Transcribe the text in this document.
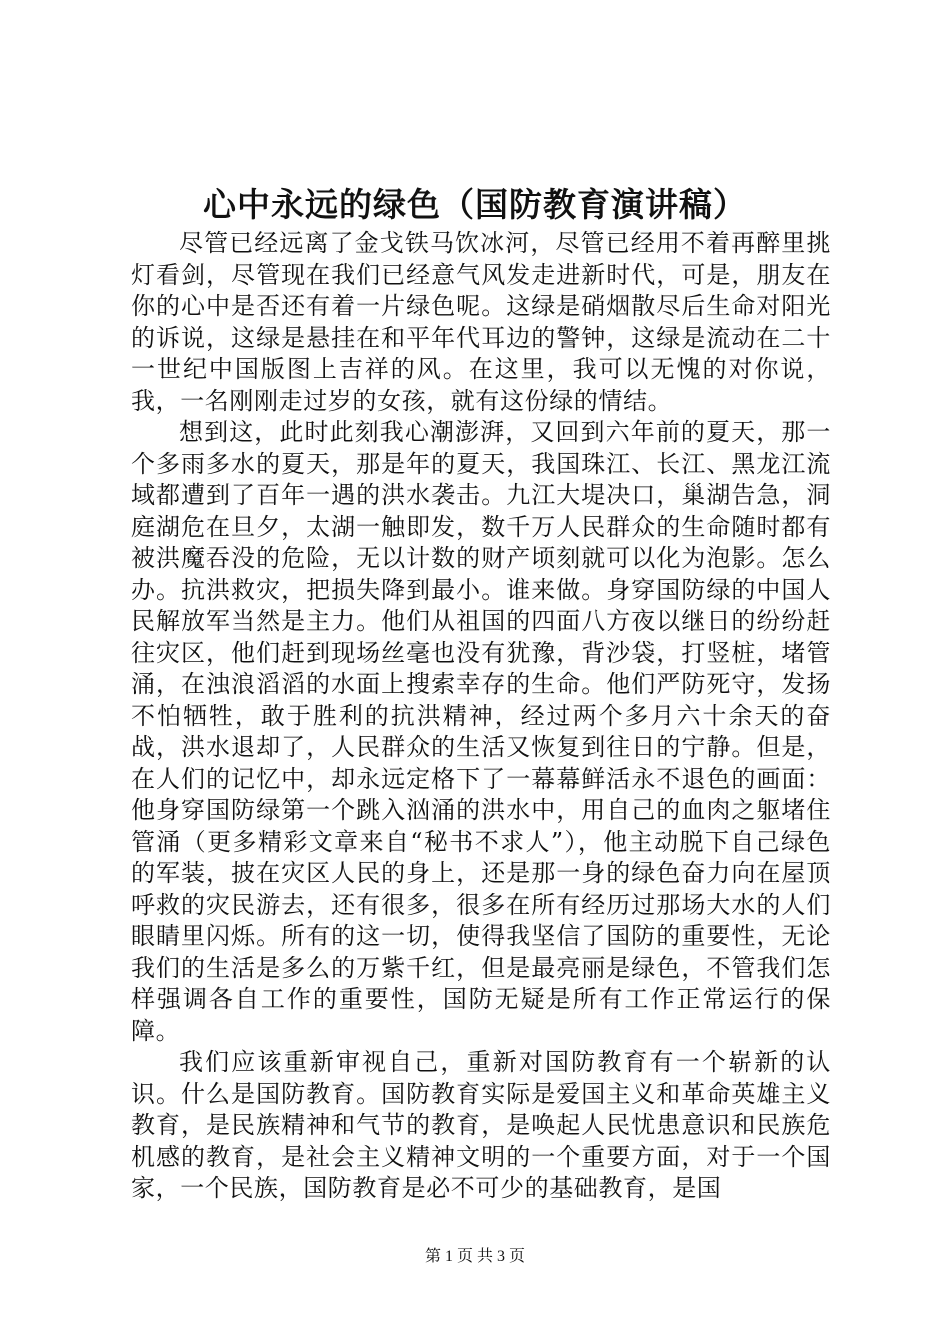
心中永远的绿色（国防教育演讲稿）

尽管已经远离了金戈铁马饮冰河，尽管已经用不着再醉里挑灯看剑，尽管现在我们已经意气风发走进新时代，可是，朋友在你的心中是否还有着一片绿色呢。这绿是硝烟散尽后生命对阳光的诉说，这绿是悬挂在和平年代耳边的警钟，这绿是流动在二十一世纪中国版图上吉祥的风。在这里，我可以无愧的对你说，我，一名刚刚走过岁的女孩，就有这份绿的情结。

想到这，此时此刻我心潮澎湃，又回到六年前的夏天，那一个多雨多水的夏天，那是年的夏天，我国珠江、长江、黑龙江流域都遭到了百年一遇的洪水袭击。九江大堤决口，巢湖告急，洞庭湖危在旦夕，太湖一触即发，数千万人民群众的生命随时都有被洪魔吞没的危险，无以计数的财产顷刻就可以化为泡影。怎么办。抗洪救灾，把损失降到最小。谁来做。身穿国防绿的中国人民解放军当然是主力。他们从祖国的四面八方夜以继日的纷纷赶往灾区，他们赶到现场丝毫也没有犹豫，背沙袋，打竖桩，堵管涌，在浊浪滔滔的水面上搜索幸存的生命。他们严防死守，发扬不怕牺牲，敢于胜利的抗洪精神，经过两个多月六十余天的奋战，洪水退却了，人民群众的生活又恢复到往日的宁静。但是，在人们的记忆中，却永远定格下了一幕幕鲜活永不退色的画面：他身穿国防绿第一个跳入汹涌的洪水中，用自己的血肉之躯堵住管涌（更多精彩文章来自“秘书不求人”），他主动脱下自己绿色的军装，披在灾区人民的身上，还是那一身的绿色奋力向在屋顶呼救的灾民游去，还有很多，很多在所有经历过那场大水的人们眼睛里闪烁。所有的这一切，使得我坚信了国防的重要性，无论我们的生活是多么的万紫千红，但是最亮丽是绿色，不管我们怎样强调各自工作的重要性，国防无疑是所有工作正常运行的保障。

我们应该重新审视自己，重新对国防教育有一个崭新的认识。什么是国防教育。国防教育实际是爱国主义和革命英雄主义教育，是民族精神和气节的教育，是唤起人民忧患意识和民族危机感的教育，是社会主义精神文明的一个重要方面，对于一个国家，一个民族，国防教育是必不可少的基础教育，是国

第 1 页 共 3 页
